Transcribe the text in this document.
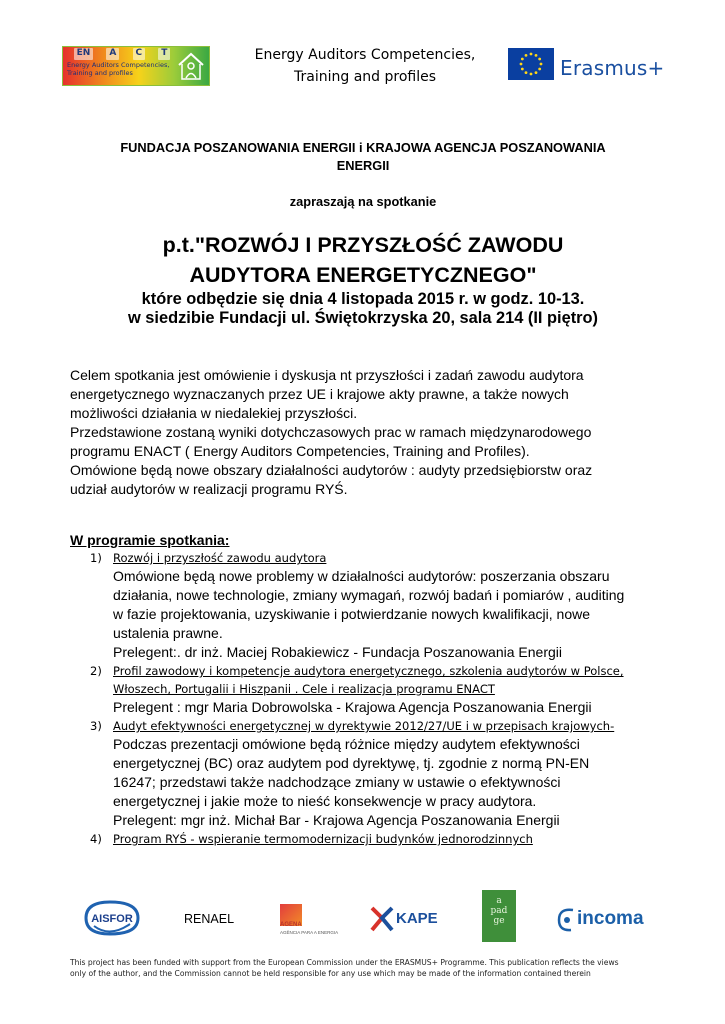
EN	A	C	T
Energy Auditors Competencies, Training and profiles
Energy Auditors Competencies,
Training and profiles	Erasmus+
FUNDACJA POSZANOWANIA ENERGII i KRAJOWA AGENCJA POSZANOWANIA
ENERGII
zapraszają na spotkanie
p.t."ROZWÓJ I PRZYSZŁOŚĆ ZAWODU
AUDYTORA ENERGETYCZNEGO"
które odbędzie się dnia 4 listopada 2015 r. w godz. 10-13.
w siedzibie Fundacji ul. Świętokrzyska 20, sala 214 (II piętro)

Celem spotkania jest omówienie i dyskusja nt przyszłości i zadań zawodu audytora

energetycznego wyznaczanych przez UE i krajowe akty prawne, a także nowych

możliwości działania w niedalekiej przyszłości.

Przedstawione zostaną wyniki dotychczasowych prac w ramach międzynarodowego

programu ENACT ( Energy Auditors Competencies, Training and Profiles).

Omówione będą nowe obszary działalności audytorów : audyty przedsiębiorstw oraz

udział audytorów w realizacji programu RYŚ.

W programie spotkania:
1) Rozwój i przyszłość zawodu audytora
Omówione będą nowe problemy w działalności audytorów: poszerzania obszaru
działania, nowe technologie, zmiany wymagań, rozwój badań i pomiarów , auditing
w fazie projektowania, uzyskiwanie i potwierdzanie nowych kwalifikacji, nowe
ustalenia prawne.
Prelegent:. dr inż. Maciej Robakiewicz - Fundacja Poszanowania Energii
2) Profil zawodowy i kompetencje audytora energetycznego, szkolenia audytorów w Polsce,
Włoszech, Portugalii i Hiszpanii . Cele i realizacja programu ENACT
Prelegent : mgr Maria Dobrowolska - Krajowa Agencja Poszanowania Energii
3) Audyt efektywności energetycznej w dyrektywie 2012/27/UE i w przepisach krajowych-
Podczas prezentacji omówione będą różnice między audytem efektywności
energetycznej (BC) oraz audytem pod dyrektywę, tj. zgodnie z normą PN-EN
16247; przedstawi także nadchodzące zmiany w ustawie o efektywności
energetycznej i jakie może to nieść konsekwencje w pracy audytora.
Prelegent: mgr inż. Michał Bar - Krajowa Agencja Poszanowania Energii
4) Program RYŚ - wspieranie termomodernizacji budynków jednorodzinnych
AISFOR	RENAEL	AGENA
AGÊNCIA PARA A ENERGIA
KAPE
a
pad
ge	incoma
This project has been funded with support from the European Commission under the ERASMUS+ Programme. This publication reflects the views
only of the author, and the Commission cannot be held responsible for any use which may be made of the information contained therein
